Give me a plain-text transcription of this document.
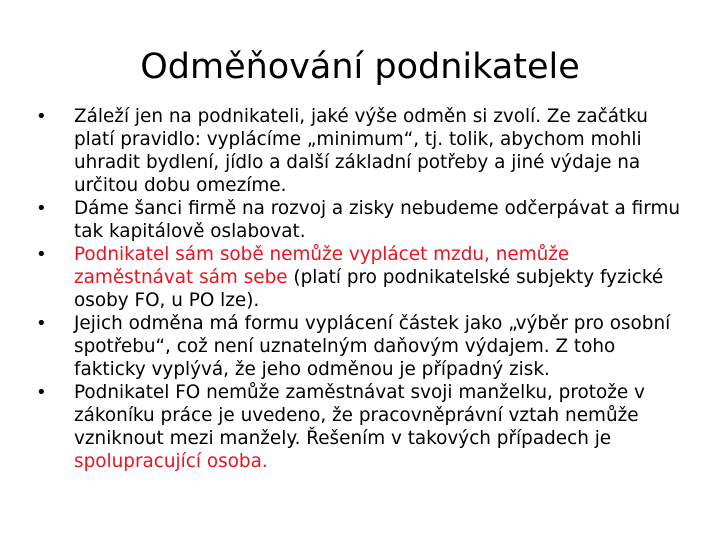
Odměňování podnikatele
• Záleží jen na podnikateli, jaké výše odměn si zvolí. Ze začátku platí pravidlo: vyplácíme „minimum“, tj. tolik, abychom mohli uhradit bydlení, jídlo a další základní potřeby a jiné výdaje na určitou dobu omezíme.
• Dáme šanci firmě na rozvoj a zisky nebudeme odčerpávat a firmu tak kapitálově oslabovat.
• Podnikatel sám sobě nemůže vyplácet mzdu, nemůže zaměstnávat sám sebe (platí pro podnikatelské subjekty fyzické osoby FO, u PO lze).
• Jejich odměna má formu vyplácení částek jako „výběr pro osobní spotřebu“, což není uznatelným daňovým výdajem. Z toho fakticky vyplývá, že jeho odměnou je případný zisk.
• Podnikatel FO nemůže zaměstnávat svoji manželku, protože v zákoníku práce je uvedeno, že pracovněprávní vztah nemůže vzniknout mezi manžely. Řešením v takových případech je spolupracující osoba.
